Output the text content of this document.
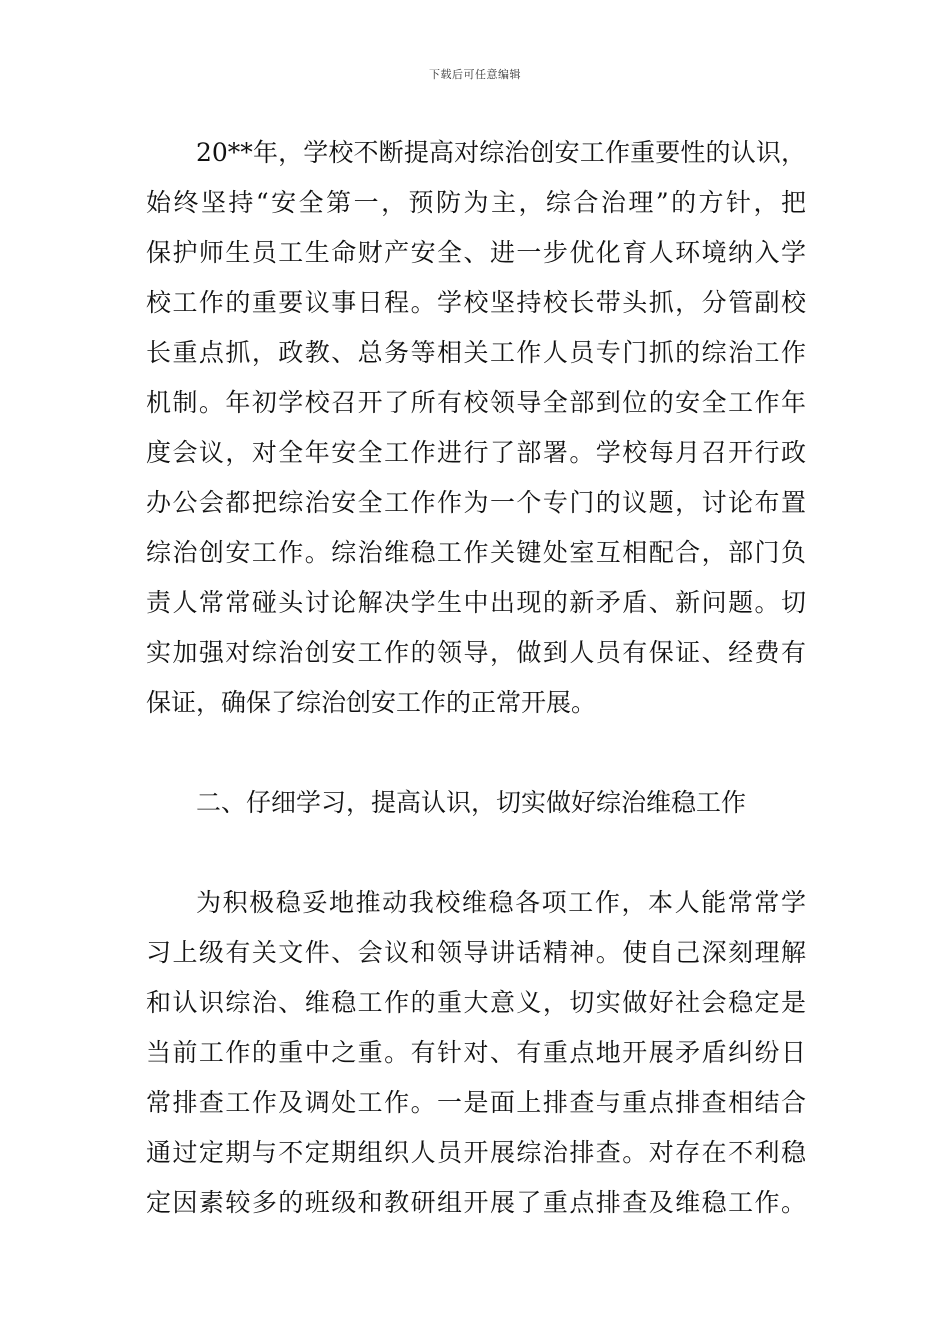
下载后可任意编辑
20**年，学校不断提高对综治创安工作重要性的认识，
始终坚持“安全第一，预防为主，综合治理”的方针，把
保护师生员工生命财产安全、进一步优化育人环境纳入学
校工作的重要议事日程。学校坚持校长带头抓，分管副校
长重点抓，政教、总务等相关工作人员专门抓的综治工作
机制。年初学校召开了所有校领导全部到位的安全工作年
度会议，对全年安全工作进行了部署。学校每月召开行政
办公会都把综治安全工作作为一个专门的议题，讨论布置
综治创安工作。综治维稳工作关键处室互相配合，部门负
责人常常碰头讨论解决学生中出现的新矛盾、新问题。切
实加强对综治创安工作的领导，做到人员有保证、经费有
保证，确保了综治创安工作的正常开展。
二、仔细学习，提高认识，切实做好综治维稳工作
为积极稳妥地推动我校维稳各项工作，本人能常常学
习上级有关文件、会议和领导讲话精神。使自己深刻理解
和认识综治、维稳工作的重大意义，切实做好社会稳定是
当前工作的重中之重。有针对、有重点地开展矛盾纠纷日
常排查工作及调处工作。一是面上排查与重点排查相结合
通过定期与不定期组织人员开展综治排查。对存在不利稳
定因素较多的班级和教研组开展了重点排查及维稳工作。
